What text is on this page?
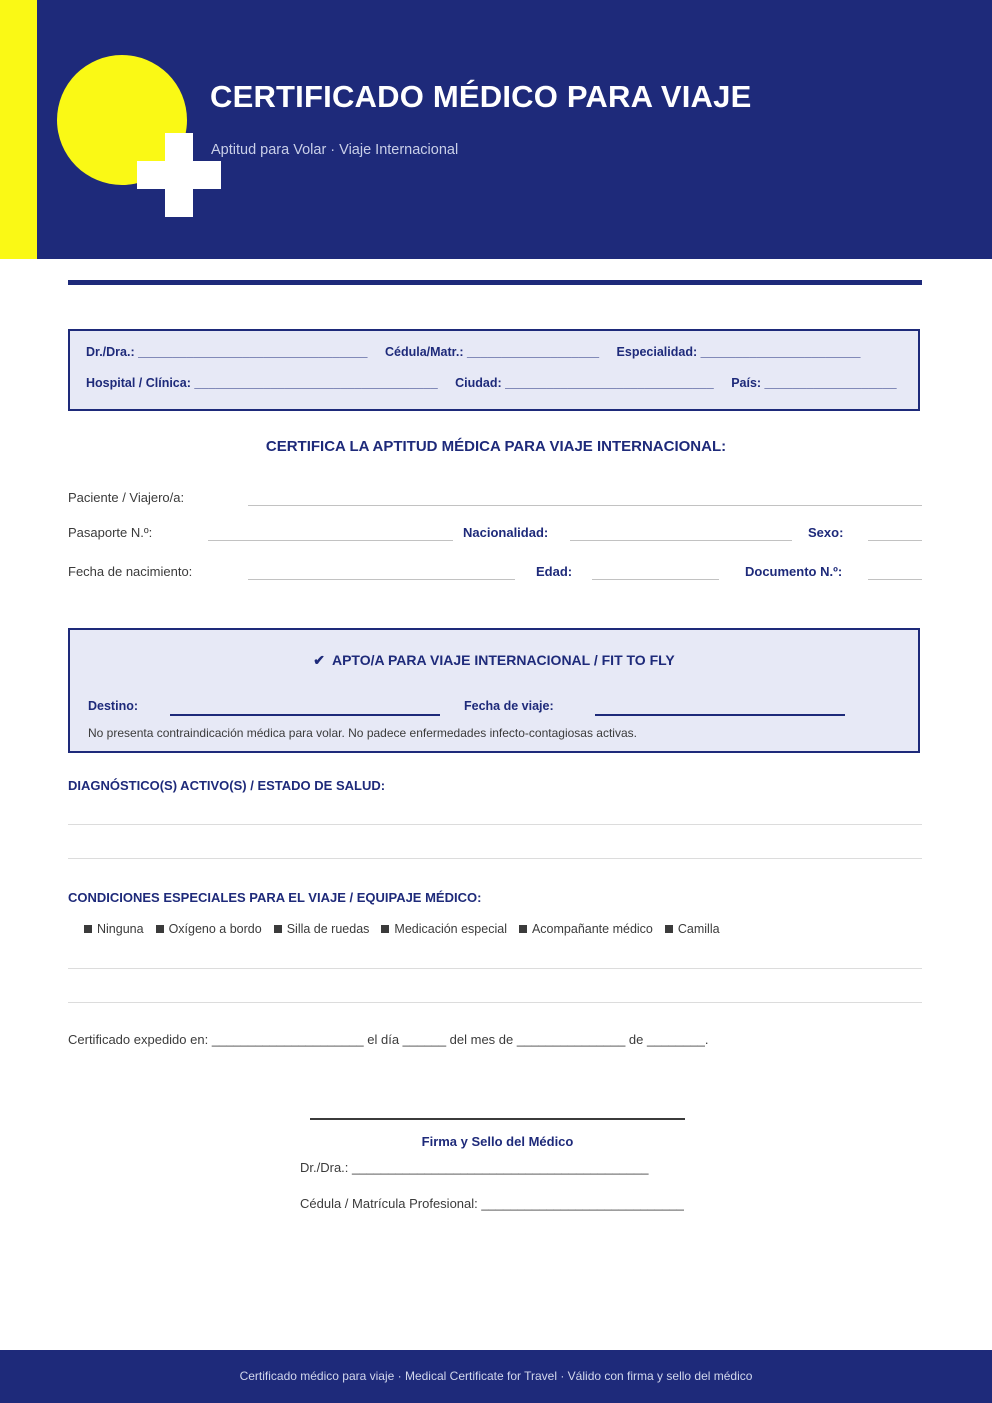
CERTIFICADO MÉDICO PARA VIAJE
Aptitud para Volar · Viaje Internacional
Dr./Dra.: _________________________________ Cédula/Matr.: ___________________ Especialidad: _______________________
Hospital / Clínica: ___________________________________ Ciudad: ______________________________ País: ___________________
CERTIFICA LA APTITUD MÉDICA PARA VIAJE INTERNACIONAL:
Paciente / Viajero/a:
Pasaporte N.º:	Nacionalidad:	Sexo:
Fecha de nacimiento:	Edad:	Documento N.º:
✔ APTO/A PARA VIAJE INTERNACIONAL / FIT TO FLY
Destino:	Fecha de viaje:
No presenta contraindicación médica para volar. No padece enfermedades infecto-contagiosas activas.
DIAGNÓSTICO(S) ACTIVO(S) / ESTADO DE SALUD:
CONDICIONES ESPECIALES PARA EL VIAJE / EQUIPAJE MÉDICO:
Ninguna Oxígeno a bordo Silla de ruedas Medicación especial Acompañante médico Camilla
Certificado expedido en: _____________________ el día ______ del mes de _______________ de ________.
Firma y Sello del Médico
Dr./Dra.: _________________________________________
Cédula / Matrícula Profesional: ____________________________
Certificado médico para viaje · Medical Certificate for Travel · Válido con firma y sello del médico
